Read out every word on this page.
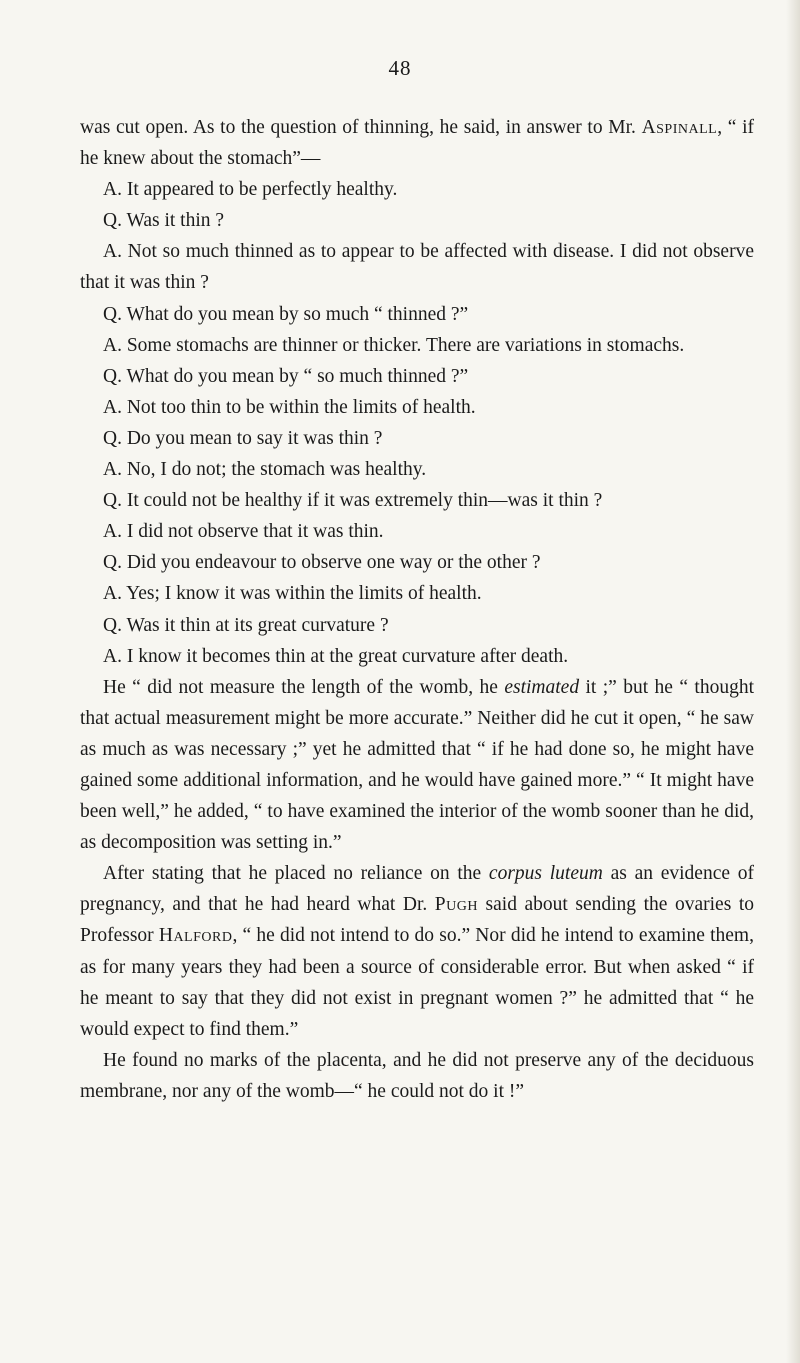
48

was cut open. As to the question of thinning, he said, in answer to Mr. Aspinall, “ if he knew about the stomach”—

A. It appeared to be perfectly healthy.

Q. Was it thin ?

A. Not so much thinned as to appear to be affected with disease. I did not observe that it was thin ?

Q. What do you mean by so much “ thinned ?”

A. Some stomachs are thinner or thicker. There are variations in stomachs.

Q. What do you mean by “ so much thinned ?”

A. Not too thin to be within the limits of health.

Q. Do you mean to say it was thin ?

A. No, I do not; the stomach was healthy.

Q. It could not be healthy if it was extremely thin—was it thin ?

A. I did not observe that it was thin.

Q. Did you endeavour to observe one way or the other ?

A. Yes; I know it was within the limits of health.

Q. Was it thin at its great curvature ?

A. I know it becomes thin at the great curvature after death.

He “ did not measure the length of the womb, he estimated it ;” but he “ thought that actual measurement might be more accurate.” Neither did he cut it open, “ he saw as much as was necessary ;” yet he admitted that “ if he had done so, he might have gained some additional information, and he would have gained more.” “ It might have been well,” he added, “ to have examined the interior of the womb sooner than he did, as decomposition was setting in.”

After stating that he placed no reliance on the corpus luteum as an evidence of pregnancy, and that he had heard what Dr. Pugh said about sending the ovaries to Professor Halford, “ he did not intend to do so.” Nor did he intend to examine them, as for many years they had been a source of considerable error. But when asked “ if he meant to say that they did not exist in pregnant women ?” he admitted that “ he would expect to find them.”

He found no marks of the placenta, and he did not preserve any of the deciduous membrane, nor any of the womb—“ he could not do it !”
